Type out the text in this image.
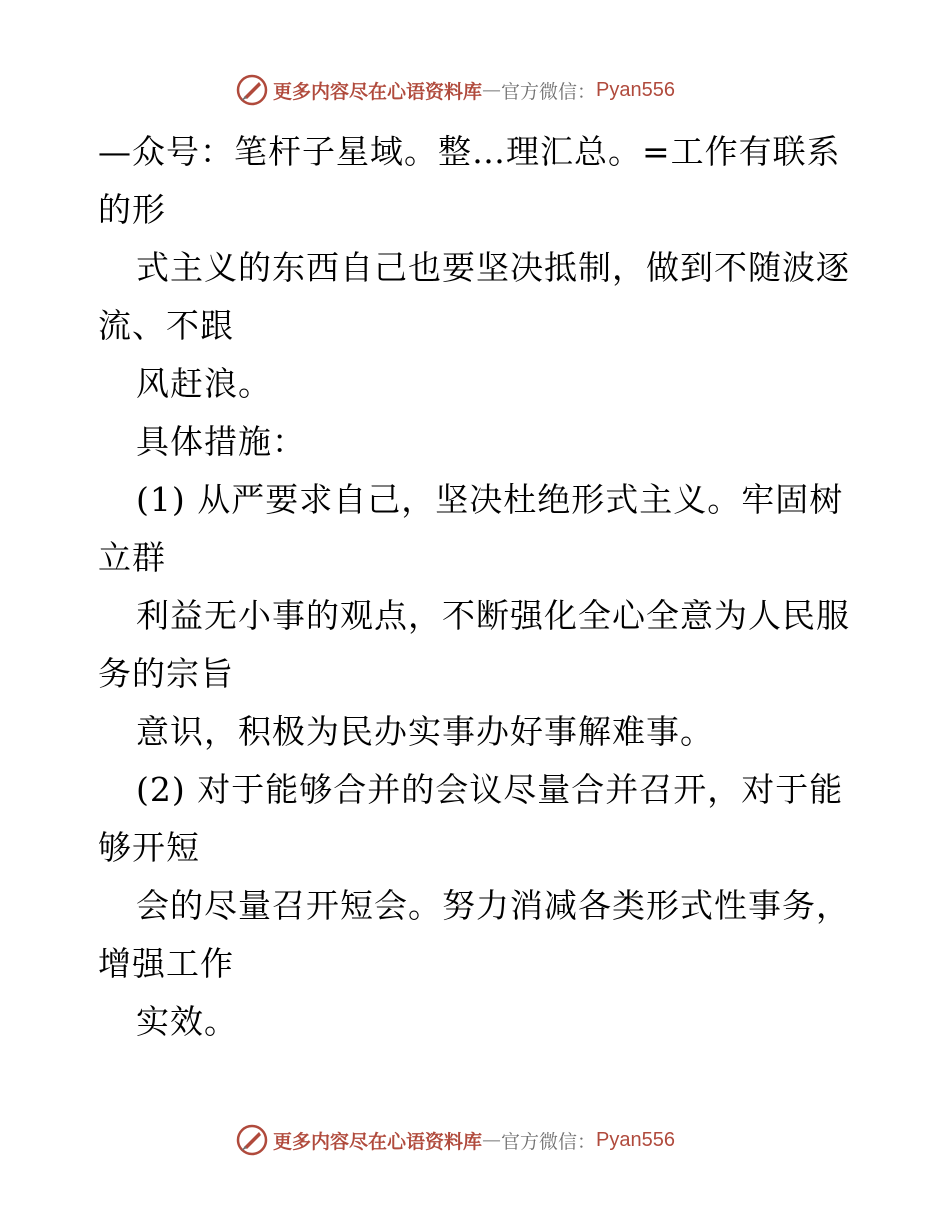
更多内容尽在心语资料库 — 官方微信： Pyan556
—众号：笔杆子星域。整…理汇总。=工作有联系
的形
式主义的东西自己也要坚决抵制，做到不随波逐
流、不跟
风赶浪。
具体措施：
(1) 从严要求自己，坚决杜绝形式主义。牢固树
立群
利益无小事的观点，不断强化全心全意为人民服
务的宗旨
意识，积极为民办实事办好事解难事。
(2) 对于能够合并的会议尽量合并召开，对于能
够开短
会的尽量召开短会。努力消减各类形式性事务，
增强工作
实效。
更多内容尽在心语资料库 — 官方微信： Pyan556
